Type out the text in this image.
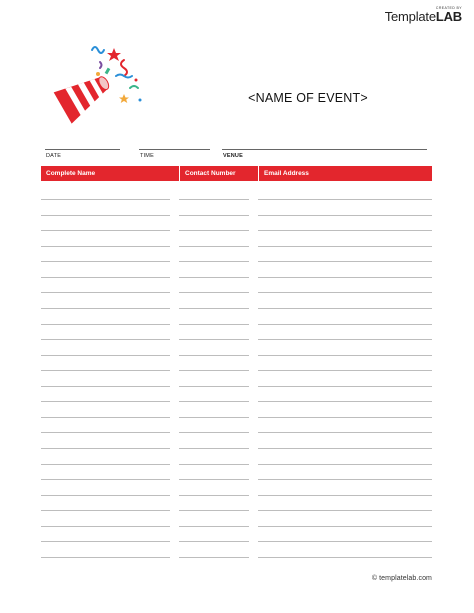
CREATED BY
TemplateLAB
<NAME OF EVENT>
DATE	TIME	VENUE
Complete Name	Contact Number	Email Address
© templatelab.com
